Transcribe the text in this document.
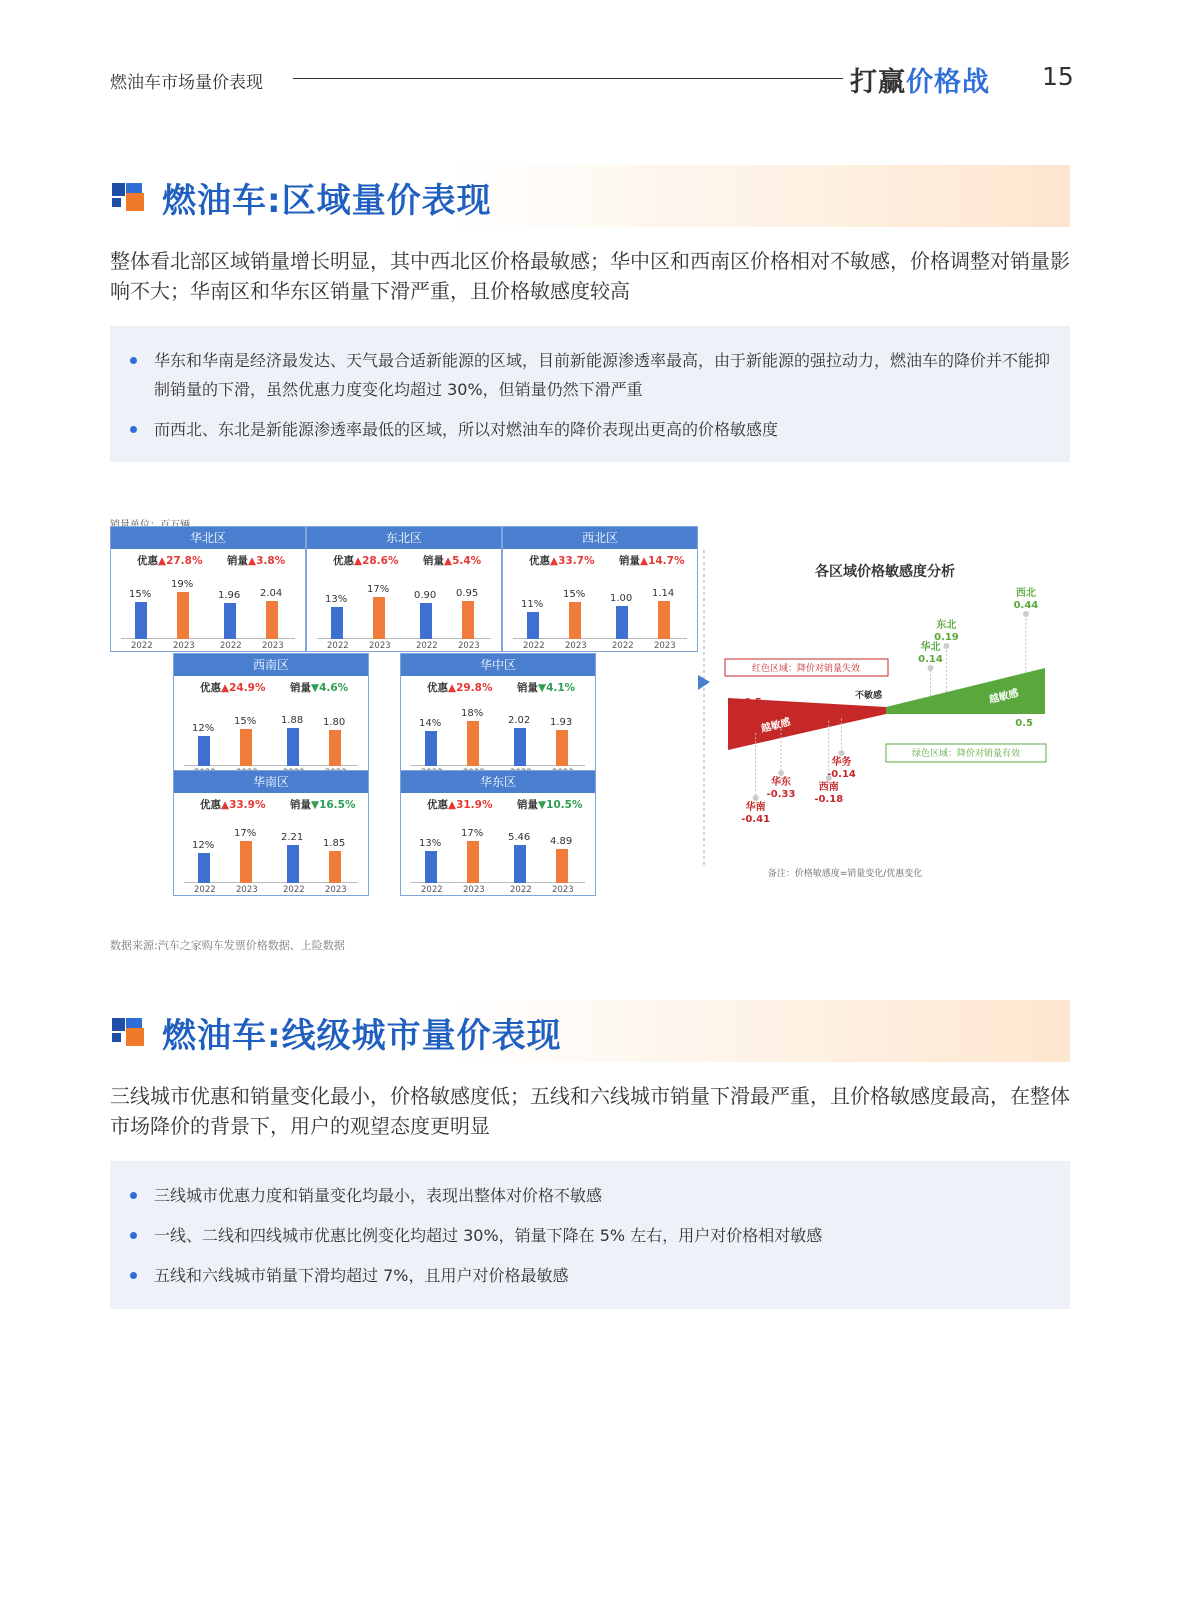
燃油车市场量价表现	打赢价格战 15
燃油车:区域量价表现

整体看北部区域销量增长明显，其中西北区价格最敏感；华中区和西南区价格相对不敏感，价格调整对销量影响不大；华南区和华东区销量下滑严重，且价格敏感度较高

华东和华南是经济最发达、天气最合适新能源的区域，目前新能源渗透率最高，由于新能源的强拉动力，燃油车的降价并不能抑制销量的下滑，虽然优惠力度变化均超过 30%，但销量仍然下滑严重
而西北、东北是新能源渗透率最低的区域，所以对燃油车的降价表现出更高的价格敏感度
华北区
优惠▲27.8% 销量▲3.8%
15%
2022
19%
2023
1.96
2022
2.04
2023
东北区
优惠▲28.6% 销量▲5.4%
13%
2022
17%
2023
0.90
2022
0.95
2023
西北区
优惠▲33.7% 销量▲14.7%
11%
2022
15%
2023
1.00
2022
1.14
2023
西南区
优惠▲24.9% 销量▼4.6%
12%
15% 1.88 1.80
华中区
优惠▲29.8% 销量▼4.1%
14%
18%
2.02 1.93
华南区
优惠▲33.9% 销量▼16.5%
12%
2022
17%
2023
2.21
2022
1.85
2023
华东区
优惠▲31.9% 销量▼10.5%
13%
2022
17%
2023
5.46
2022
4.89
2023
各区域价格敏感度分析
越敏感
越敏感
-0.5
0.5
不敏感
红色区域：降价对销量失效
绿色区域：降价对销量有效
备注：价格敏感度=销量变化/优惠变化
华南
-0.41
华东
-0.33
西南
-0.18
华务
-0.14
华北
0.14
东北
0.19
西北
0.44
数据来源:汽车之家购车发票价格数据、上险数据
燃油车:线级城市量价表现

三线城市优惠和销量变化最小，价格敏感度低；五线和六线城市销量下滑最严重，且价格敏感度最高，在整体市场降价的背景下，用户的观望态度更明显

三线城市优惠力度和销量变化均最小，表现出整体对价格不敏感
一线、二线和四线城市优惠比例变化均超过 30%，销量下降在 5% 左右，用户对价格相对敏感
五线和六线城市销量下滑均超过 7%，且用户对价格最敏感
